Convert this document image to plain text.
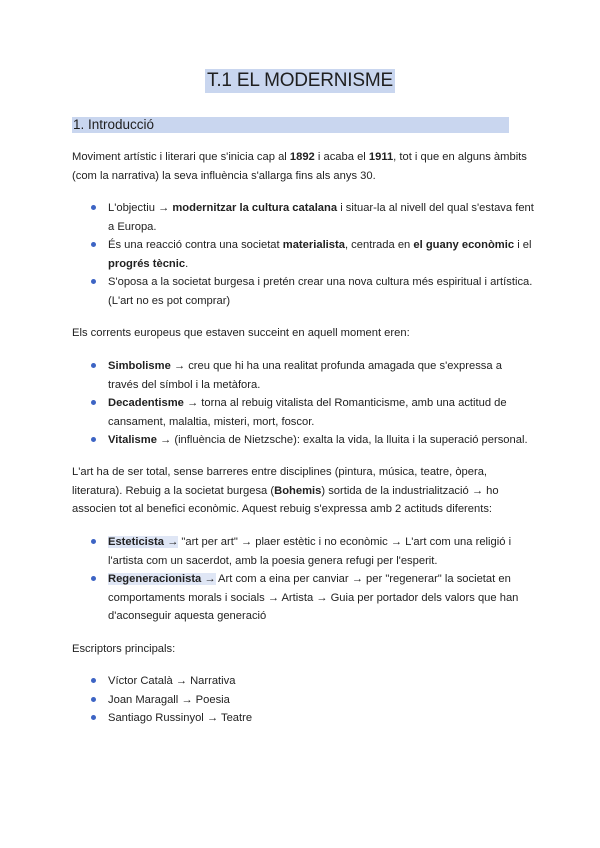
T.1 EL MODERNISME
1. Introducció

Moviment artístic i literari que s'inicia cap al 1892 i acaba el 1911, tot i que en alguns àmbits (com la narrativa) la seva influència s'allarga fins als anys 30.

L'objectiu → modernitzar la cultura catalana i situar-la al nivell del qual s'estava fent a Europa.
És una reacció contra una societat materialista, centrada en el guany econòmic i el progrés tècnic.
S'oposa a la societat burgesa i pretén crear una nova cultura més espiritual i artística. (L'art no es pot comprar)

Els corrents europeus que estaven succeint en aquell moment eren:

Simbolisme → creu que hi ha una realitat profunda amagada que s'expressa a través del símbol i la metàfora.
Decadentisme → torna al rebuig vitalista del Romanticisme, amb una actitud de cansament, malaltia, misteri, mort, foscor.
Vitalisme → (influència de Nietzsche): exalta la vida, la lluita i la superació personal.

L'art ha de ser total, sense barreres entre disciplines (pintura, música, teatre, òpera, literatura). Rebuig a la societat burgesa (Bohemis) sortida de la industrialització → ho associen tot al benefici econòmic. Aquest rebuig s'expressa amb 2 actituds diferents:

Esteticista → "art per art" → plaer estètic i no econòmic → L'art com una religió i l'artista com un sacerdot, amb la poesia genera refugi per l'esperit.
Regeneracionista → Art com a eina per canviar → per "regenerar" la societat en comportaments morals i socials → Artista → Guia per portador dels valors que han d'aconseguir aquesta generació

Escriptors principals:

Víctor Català → Narrativa
Joan Maragall → Poesia
Santiago Russinyol → Teatre
